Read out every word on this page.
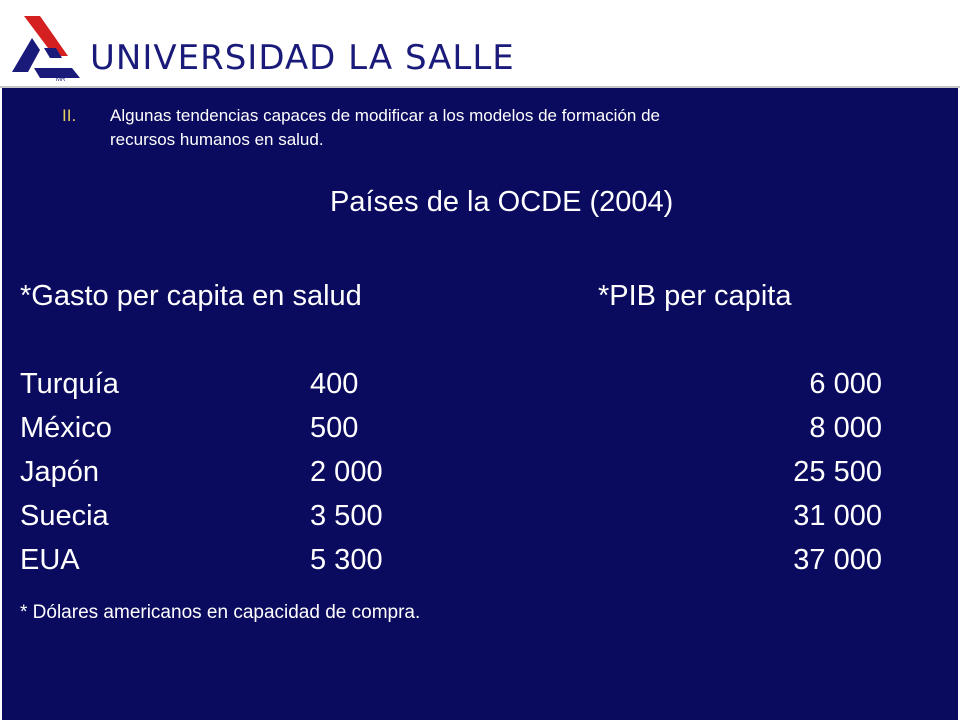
MR
UNIVERSIDAD LA SALLE
II. Algunas tendencias capaces de modificar a los modelos de formación de
recursos humanos en salud.
Países de la OCDE (2004)
*Gasto per capita en salud	*PIB per capita
Turquía	400	6 000
México	500	8 000
Japón	2 000	25 500
Suecia	3 500	31 000
EUA	5 300	37 000
* Dólares americanos en capacidad de compra.
